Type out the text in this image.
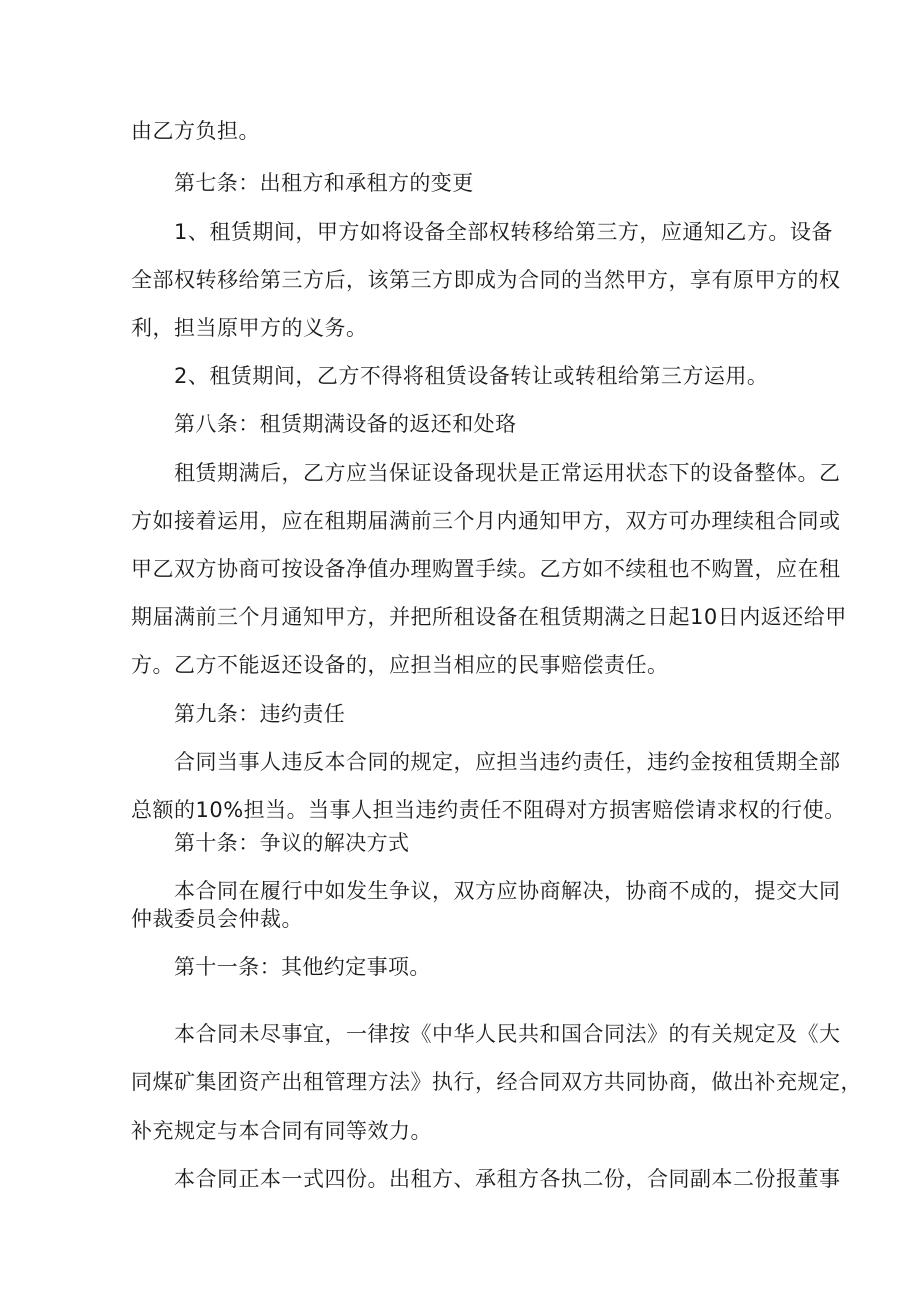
由乙方负担。
第七条：出租方和承租方的变更
1、租赁期间，甲方如将设备全部权转移给第三方，应通知乙方。设备
全部权转移给第三方后，该第三方即成为合同的当然甲方，享有原甲方的权
利，担当原甲方的义务。
2、租赁期间，乙方不得将租赁设备转让或转租给第三方运用。
第八条：租赁期满设备的返还和处珞
租赁期满后，乙方应当保证设备现状是正常运用状态下的设备整体。乙
方如接着运用，应在租期届满前三个月内通知甲方，双方可办理续租合同或
甲乙双方协商可按设备净值办理购置手续。乙方如不续租也不购置，应在租
期届满前三个月通知甲方，并把所租设备在租赁期满之日起10日内返还给甲
方。乙方不能返还设备的，应担当相应的民事赔偿责任。
第九条：违约责任
合同当事人违反本合同的规定，应担当违约责任，违约金按租赁期全部
总额的10%担当。当事人担当违约责任不阻碍对方损害赔偿请求权的行使。
第十条：争议的解决方式
本合同在履行中如发生争议，双方应协商解决，协商不成的，提交大同
仲裁委员会仲裁。
第十一条：其他约定事项。
本合同未尽事宜，一律按《中华人民共和国合同法》的有关规定及《大
同煤矿集团资产出租管理方法》执行，经合同双方共同协商，做出补充规定，
补充规定与本合同有同等效力。
本合同正本一式四份。出租方、承租方各执二份，合同副本二份报董事
